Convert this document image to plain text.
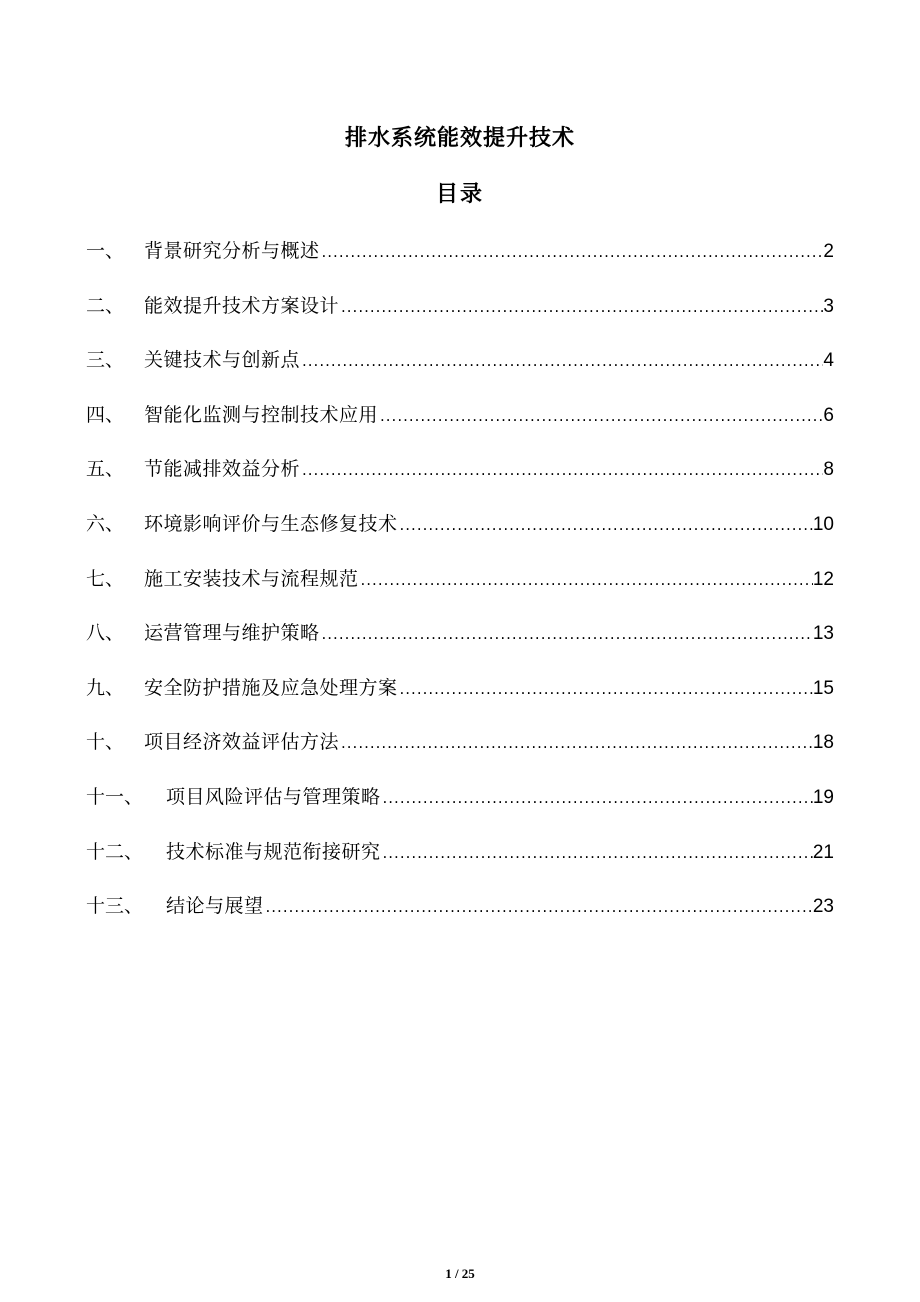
排水系统能效提升技术
目录
一、	背景研究分析与概述 .....	2
二、	能效提升技术方案设计 .....	3
三、	关键技术与创新点 .....	4
四、	智能化监测与控制技术应用 .....	6
五、	节能减排效益分析 .....	8
六、	环境影响评价与生态修复技术 .....	10
七、	施工安装技术与流程规范 .....	12
八、	运营管理与维护策略 .....	13
九、	安全防护措施及应急处理方案 .....	15
十、	项目经济效益评估方法 .....	18
十一、	项目风险评估与管理策略 .....	19
十二、	技术标准与规范衔接研究 .....	21
十三、	结论与展望 .....	23
1 / 25
